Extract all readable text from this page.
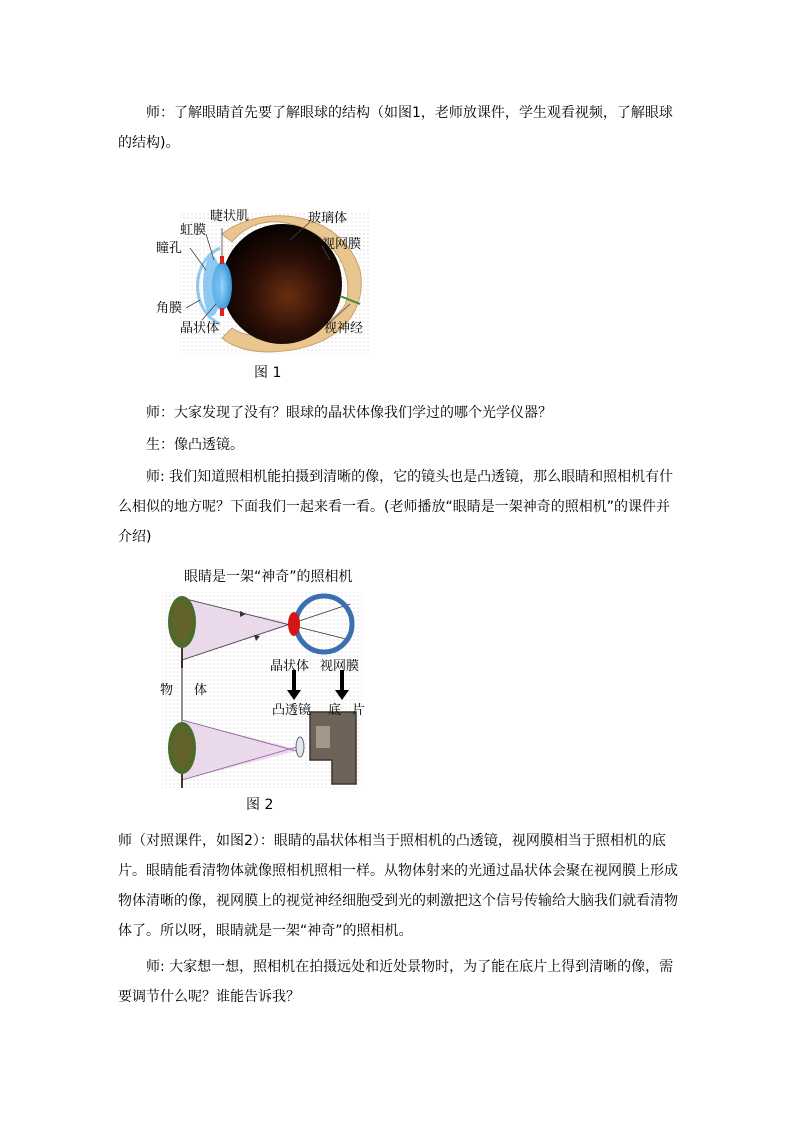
师：了解眼睛首先要了解眼球的结构（如图1，老师放课件，学生观看视频，了解眼球的结构)。

睫状肌
虹膜
瞳孔
角膜
晶状体
玻璃体
视网膜
视神经
图 1

师：大家发现了没有？眼球的晶状体像我们学过的哪个光学仪器？

生：像凸透镜。

师: 我们知道照相机能拍摄到清晰的像，它的镜头也是凸透镜，那么眼睛和照相机有什么相似的地方呢？下面我们一起来看一看。(老师播放“眼睛是一架神奇的照相机”的课件并介绍)

眼睛是一架“神奇”的照相机
晶状体 视网膜
物 体
凸透镜 底 片
图 2

师（对照课件，如图2）：眼睛的晶状体相当于照相机的凸透镜，视网膜相当于照相机的底片。眼睛能看清物体就像照相机照相一样。从物体射来的光通过晶状体会聚在视网膜上形成物体清晰的像，视网膜上的视觉神经细胞受到光的刺激把这个信号传输给大脑我们就看清物体了。所以呀，眼睛就是一架“神奇”的照相机。

师: 大家想一想，照相机在拍摄远处和近处景物时，为了能在底片上得到清晰的像，需要调节什么呢？谁能告诉我？
